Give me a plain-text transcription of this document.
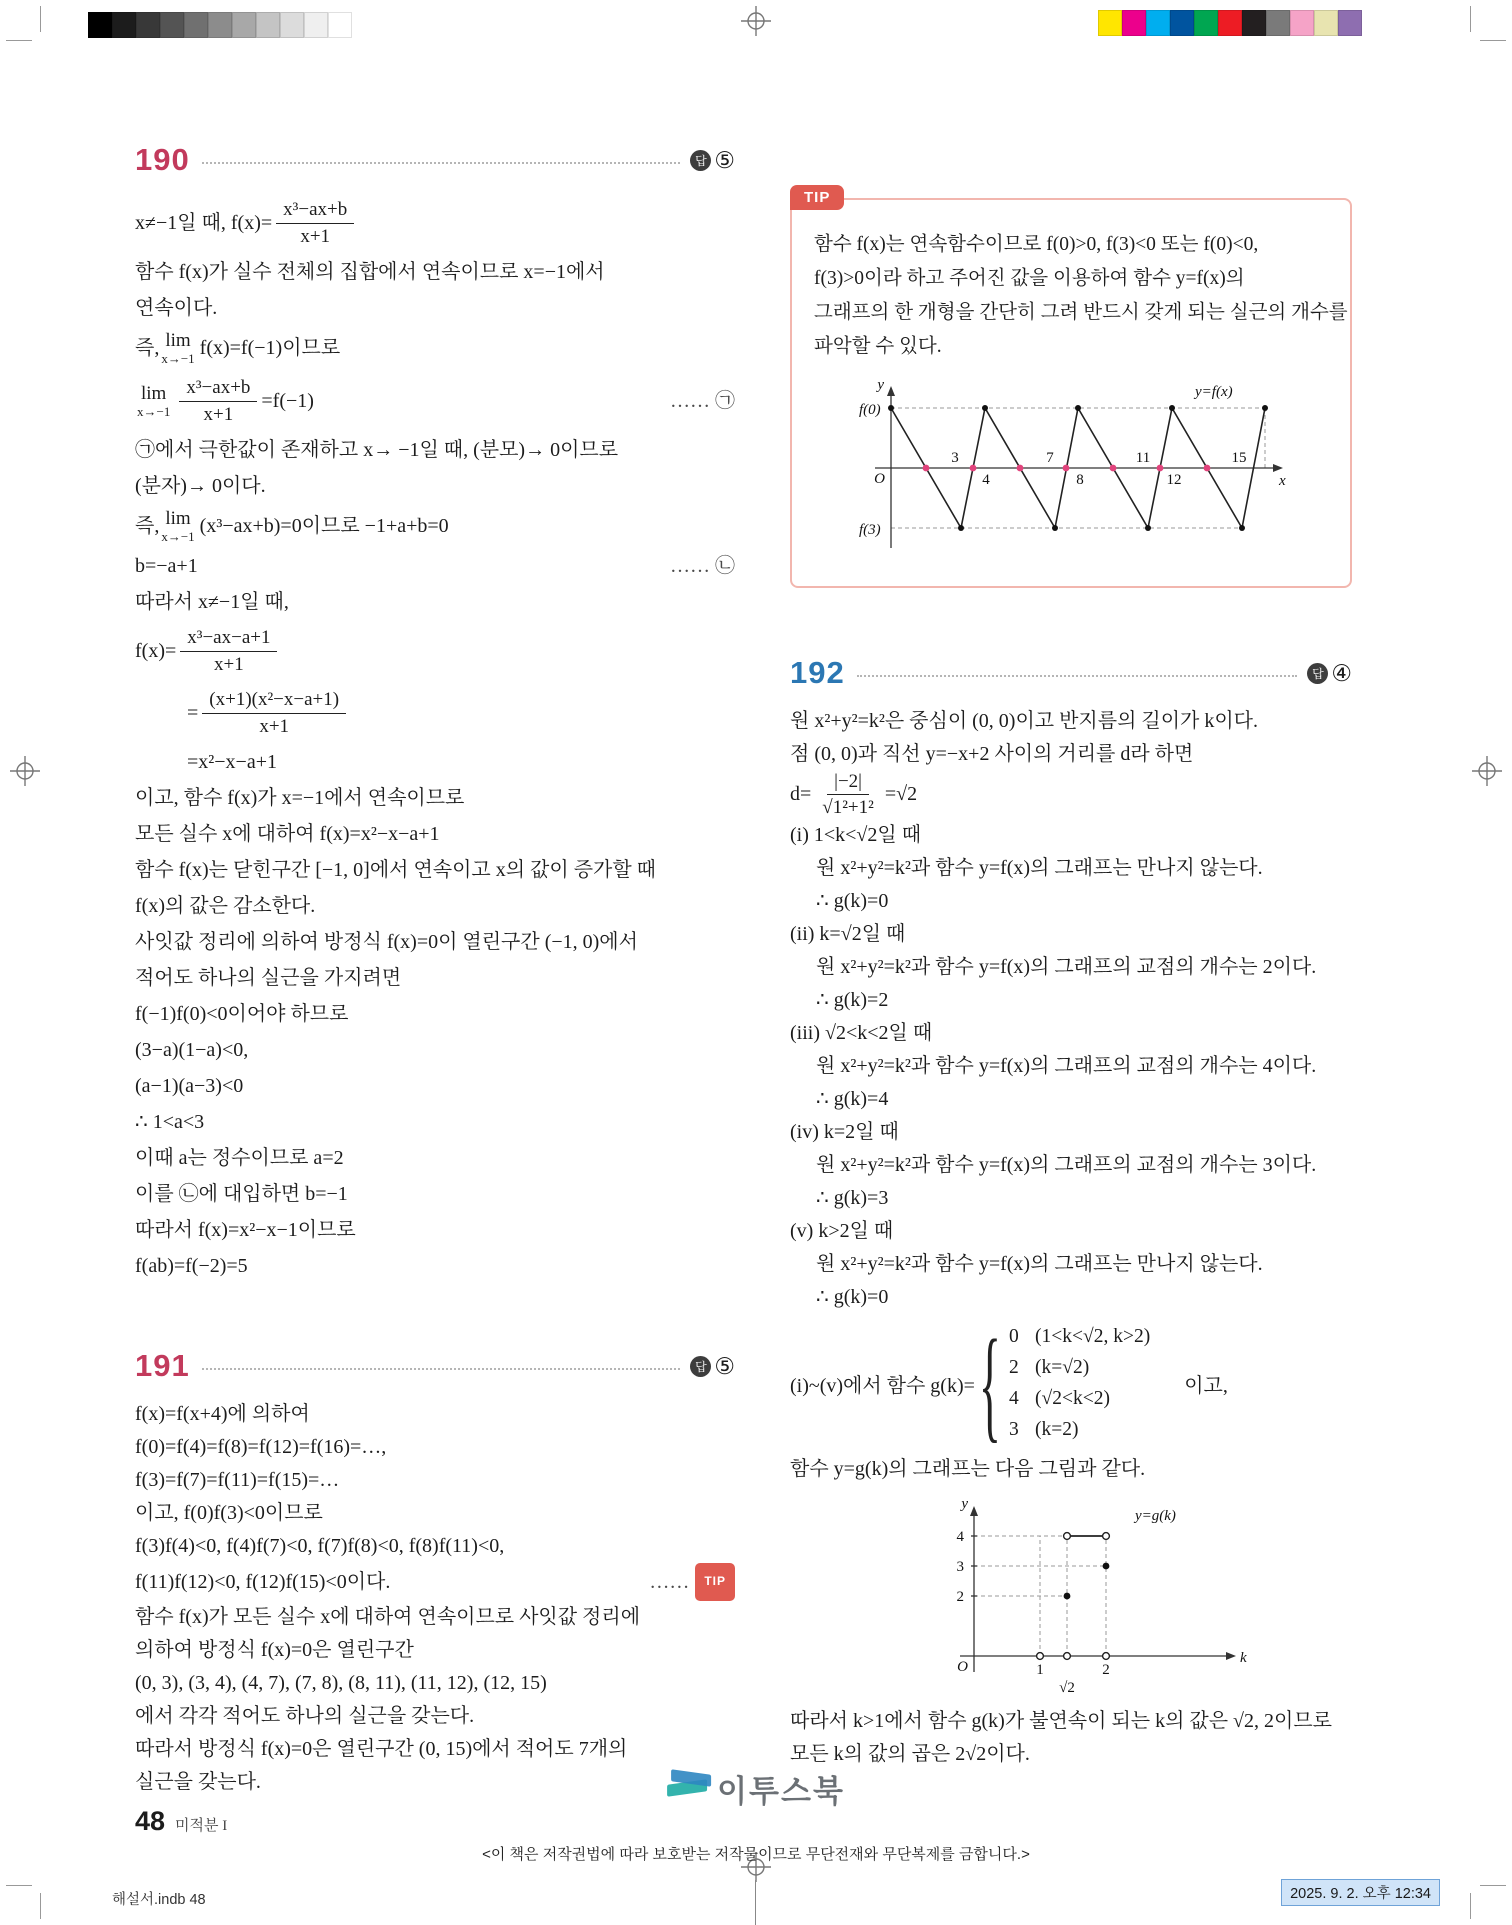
190	답 ⑤
x≠−1일 때, $f(x)= \frac{\text{x³−ax+b}}{x+1}$
함수 f(x)가 실수 전체의 집합에서 연속이므로 x=−1에서
연속이다.
즉, lim
x→−1 f(x)=f(−1)이므로
lim
$x\to-1 \frac{\text{x³−ax+b}}{x+1} =f(-1)$	…… ㉠
㉠에서 극한값이 존재하고 x→ −1일 때, (분모)→ 0이므로
(분자)→ 0이다.
즉, lim
x→−1 (x³−ax+b)=0이므로 −1+a+b=0
b=−a+1	…… ㉡
따라서 x≠−1일 때,
$f(x)= \frac{\text{x³−ax−a+1}}{x+1}$
= $\frac{\text{(x+1)(x²−x−a+1)}}{x+1}$
=x²−x−a+1
이고, 함수 f(x)가 x=−1에서 연속이므로
모든 실수 x에 대하여 f(x)=x²−x−a+1
함수 f(x)는 닫힌구간 [−1, 0]에서 연속이고 x의 값이 증가할 때
f(x)의 값은 감소한다.
사잇값 정리에 의하여 방정식 f(x)=0이 열린구간 (−1, 0)에서
적어도 하나의 실근을 가지려면
f(−1)f(0)<0이어야 하므로
(3−a)(1−a)<0,
(a−1)(a−3)<0
∴ 1<a<3
이때 a는 정수이므로 a=2
이를 ㉡에 대입하면 b=−1
따라서 f(x)=x²−x−1이므로
f(ab)=f(−2)=5
191	답 ⑤
f(x)=f(x+4)에 의하여
f(0)=f(4)=f(8)=f(12)=f(16)=…,
f(3)=f(7)=f(11)=f(15)=…
이고, f(0)f(3)<0이므로
f(3)f(4)<0, f(4)f(7)<0, f(7)f(8)<0, f(8)f(11)<0,
f(11)f(12)<0, f(12)f(15)<0이다.	……	TIP
함수 f(x)가 모든 실수 x에 대하여 연속이므로 사잇값 정리에
의하여 방정식 f(x)=0은 열린구간
(0, 3), (3, 4), (4, 7), (7, 8), (8, 11), (11, 12), (12, 15)
에서 각각 적어도 하나의 실근을 갖는다.
따라서 방정식 f(x)=0은 열린구간 (0, 15)에서 적어도 7개의
실근을 갖는다.
TIP
함수 f(x)는 연속함수이므로 f(0)>0, f(3)<0 또는 f(0)<0,
f(3)>0이라 하고 주어진 값을 이용하여 함수 y=f(x)의
그래프의 한 개형을 간단히 그려 반드시 갖게 되는 실근의 개수를
파악할 수 있다.
y
x
O
f(0)
f(3)
y=f(x)
3
4
7
8
11
12
15
192	답 ④
원 x²+y²=k²은 중심이 (0, 0)이고 반지름의 길이가 k이다.
점 (0, 0)과 직선 y=−x+2 사이의 거리를 d라 하면
$d= \frac{|-2|}{\text{√1²+1²}} =√2$
(i) 1<k<√2일 때
원 x²+y²=k²과 함수 y=f(x)의 그래프는 만나지 않는다.
∴ g(k)=0
(ii) k=√2일 때
원 x²+y²=k²과 함수 y=f(x)의 그래프의 교점의 개수는 2이다.
∴ g(k)=2
(iii) √2<k<2일 때
원 x²+y²=k²과 함수 y=f(x)의 그래프의 교점의 개수는 4이다.
∴ g(k)=4
(iv) k=2일 때
원 x²+y²=k²과 함수 y=f(x)의 그래프의 교점의 개수는 3이다.
∴ g(k)=3
(v) k>2일 때
원 x²+y²=k²과 함수 y=f(x)의 그래프는 만나지 않는다.
∴ g(k)=0
(i)~(v)에서 함수 g(k)= { 0 (1<k<√2, k>2)
2 (k=√2)
4 (√2<k<2)
3 (k=2)
이고,
함수 y=g(k)의 그래프는 다음 그림과 같다.
y
k
O
4
3
2
1	2
√2
y=g(k)
따라서 k>1에서 함수 g(k)가 불연속이 되는 k의 값은 √2, 2이므로
모든 k의 값의 곱은 2√2이다.
48 미적분 I
이투스북
<이 책은 저작권법에 따라 보호받는 저작물이므로 무단전재와 무단복제를 금합니다.>
해설서.indb 48	2025. 9. 2. 오후 12:34
